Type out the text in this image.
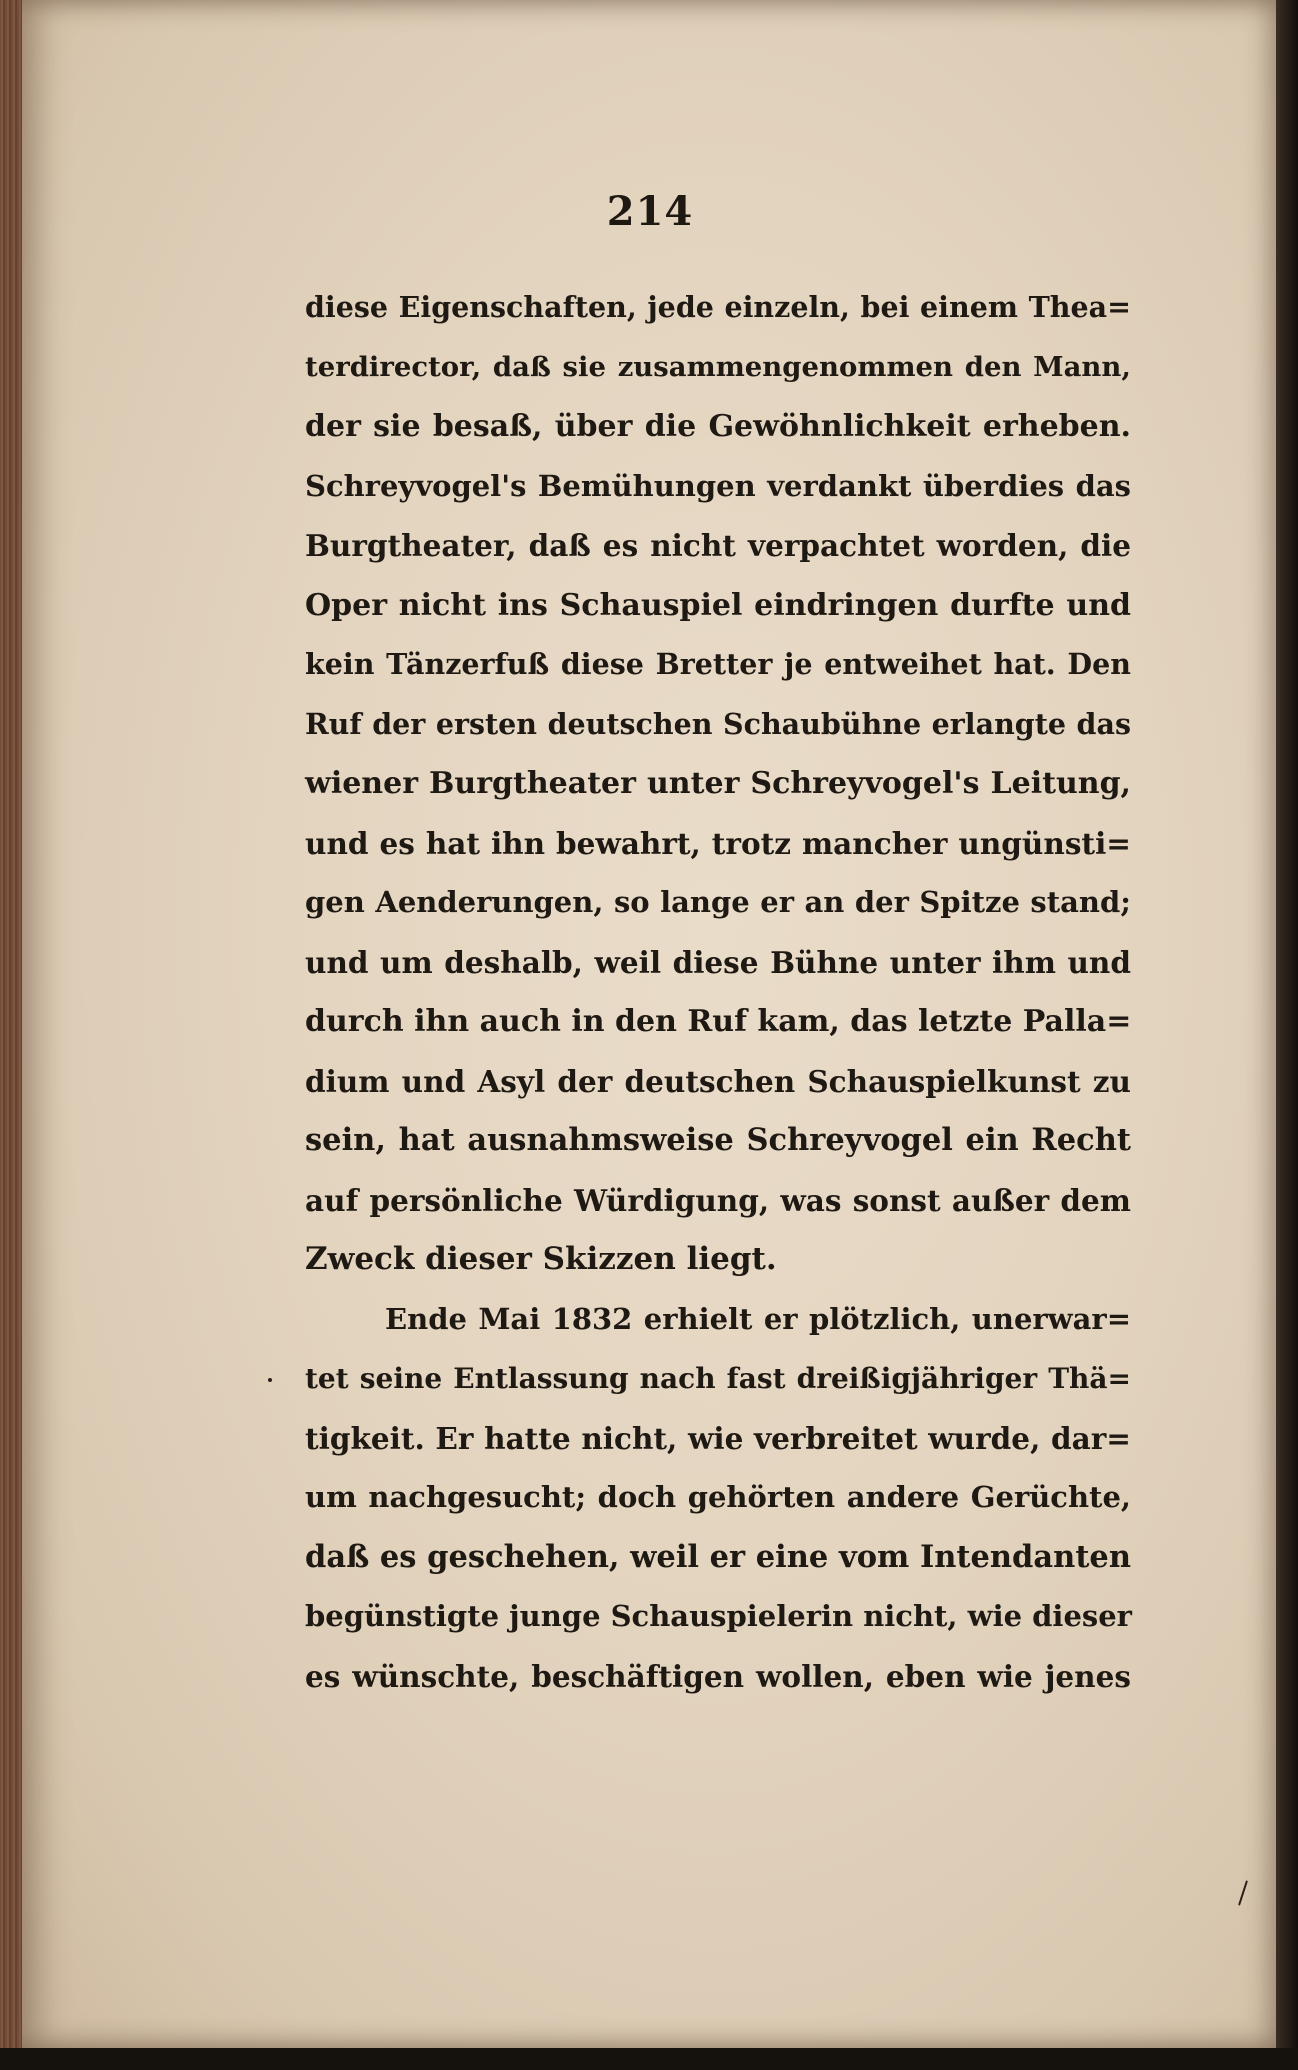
214
diese Eigenschaften, jede einzeln, bei einem Thea=
terdirector, daß sie zusammengenommen den Mann,
der sie besaß, über die Gewöhnlichkeit erheben.
Schreyvogel's Bemühungen verdankt überdies das
Burgtheater, daß es nicht verpachtet worden, die
Oper nicht ins Schauspiel eindringen durfte und
kein Tänzerfuß diese Bretter je entweihet hat. Den
Ruf der ersten deutschen Schaubühne erlangte das
wiener Burgtheater unter Schreyvogel's Leitung,
und es hat ihn bewahrt, trotz mancher ungünsti=
gen Aenderungen, so lange er an der Spitze stand;
und um deshalb, weil diese Bühne unter ihm und
durch ihn auch in den Ruf kam, das letzte Palla=
dium und Asyl der deutschen Schauspielkunst zu
sein, hat ausnahmsweise Schreyvogel ein Recht
auf persönliche Würdigung, was sonst außer dem
Zweck dieser Skizzen liegt.
Ende Mai 1832 erhielt er plötzlich, unerwar=
tet seine Entlassung nach fast dreißigjähriger Thä=
tigkeit. Er hatte nicht, wie verbreitet wurde, dar=
um nachgesucht; doch gehörten andere Gerüchte,
daß es geschehen, weil er eine vom Intendanten
begünstigte junge Schauspielerin nicht, wie dieser
es wünschte, beschäftigen wollen, eben wie jenes
